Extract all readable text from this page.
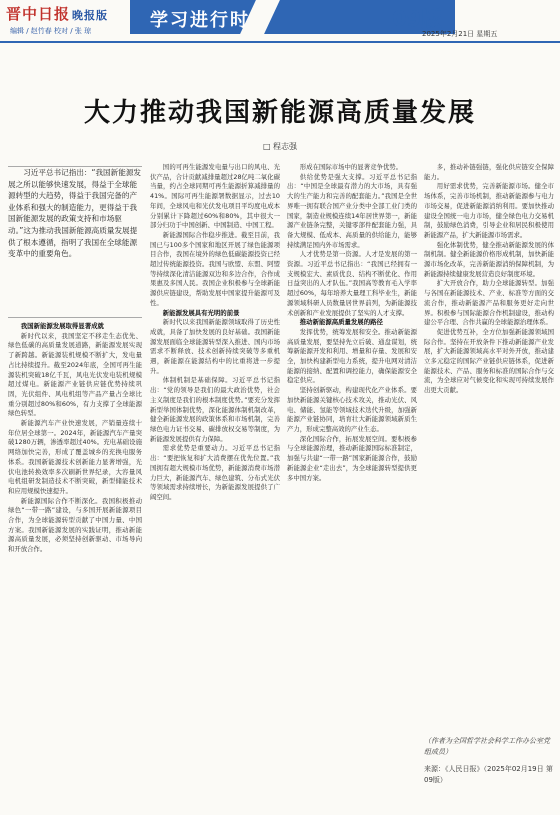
晋中日报 晚报版
编辑 / 赵竹春 校对 / 张 琼	学习进行时	09版
2025年2月21日 星期五
大力推动我国新能源高质量发展
□ 程志强
习近平总书记指出：“我国新能源发展之所以能够快速发展，得益于全球能源转型的大趋势，得益于我国完备的产业体系和强大的制造能力，更得益于我国新能源发展的政策支持和市场驱动。”这为推动我国新能源高质量发展提供了根本遵循，指明了我国在全球能源变革中的重要角色。

我国新能源发展取得显著成就

新时代以来，我国坚定不移走生态优先、绿色低碳的高质量发展道路，新能源发展实现了新跨越。新能源装机规模不断扩大，发电量占比持续提升。截至2024年底，全国可再生能源装机突破18亿千瓦，风电光伏发电装机规模超过煤电。新能源产业链供应链优势持续巩固，光伏组件、风电机组等产品产量占全球比重分别超过80%和60%，有力支撑了全球能源绿色转型。

新能源汽车产业快速发展，产销量连续十年位居全球第一。2024年，新能源汽车产量突破1280万辆，渗透率超过40%。充电基础设施网络加快完善，形成了覆盖城乡的充换电服务体系。我国新能源技术创新能力显著增强，光伏电池转换效率多次刷新世界纪录，大容量风电机组研发制造技术不断突破，新型储能技术和应用规模快速提升。

新能源国际合作不断深化。我国积极推动绿色“一带一路”建设，与多国开展新能源项目合作，为全球能源转型贡献了中国力量、中国方案。我国新能源发展的实践证明，推动新能源高质量发展，必须坚持创新驱动、市场导向和开放合作。

国的可再生能源发电量与出口的风电、光伏产品，合计贡献减排量超过28亿吨二氧化碳当量，约占全球同期可再生能源折算减排量的41%。国际可再生能源署数据显示，过去10年间，全球风电和光伏发电项目平均度电成本分别累计下降超过60%和80%，其中很大一部分归功于中国创新、中国制造、中国工程。

新能源国际合作稳步推进。截至目前，我国已与100多个国家和地区开展了绿色能源项目合作，我国在境外的绿色低碳能源投资已经超过传统能源投资。我国与欧盟、东盟、阿盟等持续深化清洁能源双边和多边合作，合作成果惠及多国人民。我国企业积极参与全球新能源供应链建设，帮助发展中国家提升能源可及性。

新能源发展具有光明的前景

新时代以来我国新能源领域取得了历史性成就，具备了加快发展的良好基础。我国新能源发展面临全球能源转型深入推进、国内市场需求不断释放、技术创新持续突破等多重机遇，新能源在能源结构中的比重将进一步提升。

体制机制是基础保障。习近平总书记指出：“党的领导是我们的最大政治优势，社会主义制度是我们的根本制度优势。”要充分发挥新型举国体制优势，深化能源体制机制改革，健全新能源发展的政策体系和市场机制，完善绿色电力证书交易、碳排放权交易等制度，为新能源发展提供有力保障。

需求优势是重要动力。习近平总书记指出：“要把恢复和扩大消费摆在优先位置。”我国拥有超大规模市场优势，新能源消费市场潜力巨大，新能源汽车、绿色建筑、分布式光伏等领域需求持续增长，为新能源发展提供了广阔空间。

形成在国际市场中的显著竞争优势。

供给优势是强大支撑。习近平总书记指出：“中国是全球最有潜力的大市场，具有强大的生产能力和完善的配套能力。”我国是全世界唯一拥有联合国产业分类中全部工业门类的国家，制造业规模连续14年居世界第一，新能源产业链条完整，关键零部件配套能力强，具备大规模、低成本、高质量的供给能力，能够持续满足国内外市场需求。

人才优势是第一资源。人才是发展的第一资源。习近平总书记指出：“我国已经拥有一支规模宏大、素质优良、结构不断优化、作用日益突出的人才队伍。”我国高等教育毛入学率超过60%，每年培养大量理工科毕业生，新能源领域科研人员数量居世界前列，为新能源技术创新和产业发展提供了坚实的人才支撑。

推动新能源高质量发展的路径

发挥优势，统筹发展和安全。推动新能源高质量发展，要坚持先立后破、通盘谋划，统筹新能源开发和利用、增量和存量、发展和安全，加快构建新型电力系统，提升电网对清洁能源的接纳、配置和调控能力，确保能源安全稳定供应。

坚持创新驱动，构建现代化产业体系。要加快新能源关键核心技术攻关，推动光伏、风电、储能、氢能等领域技术迭代升级，加强新能源产业链协同，培育壮大新能源领域新质生产力，形成完整高效的产业生态。

深化国际合作，拓展发展空间。要积极参与全球能源治理，推动新能源国际标准制定，加强与共建“一带一路”国家新能源合作，鼓励新能源企业“走出去”，为全球能源转型提供更多中国方案。

多，推动补链强链，强化供应链安全保障能力。

用好需求优势，完善新能源市场。健全市场体系，完善市场机制，推动新能源参与电力市场交易，促进新能源消纳利用。要加快推动建设全国统一电力市场，健全绿色电力交易机制，鼓励绿色消费，引导企业和居民积极使用新能源产品，扩大新能源市场需求。

强化体制优势，健全推动新能源发展的体制机制。健全新能源价格形成机制，加快新能源市场化改革，完善新能源消纳保障机制，为新能源持续健康发展营造良好制度环境。

扩大开放合作，助力全球能源转型。加强与各国在新能源技术、产业、标准等方面的交流合作，推动新能源产品和服务更好走向世界。积极参与国际能源合作机制建设，推动构建公平合理、合作共赢的全球能源治理体系。

促进优势互补，全方位加强新能源领域国际合作。坚持在开放条件下推动新能源产业发展，扩大新能源领域高水平对外开放，推动建立多元稳定的国际产业链供应链体系，促进新能源技术、产品、服务和标准的国际合作与交流，为全球应对气候变化和实现可持续发展作出更大贡献。

（作者为全国哲学社会科学工作办公室党组成员）
来源：《人民日报》（2025年02月19日 第09版）
